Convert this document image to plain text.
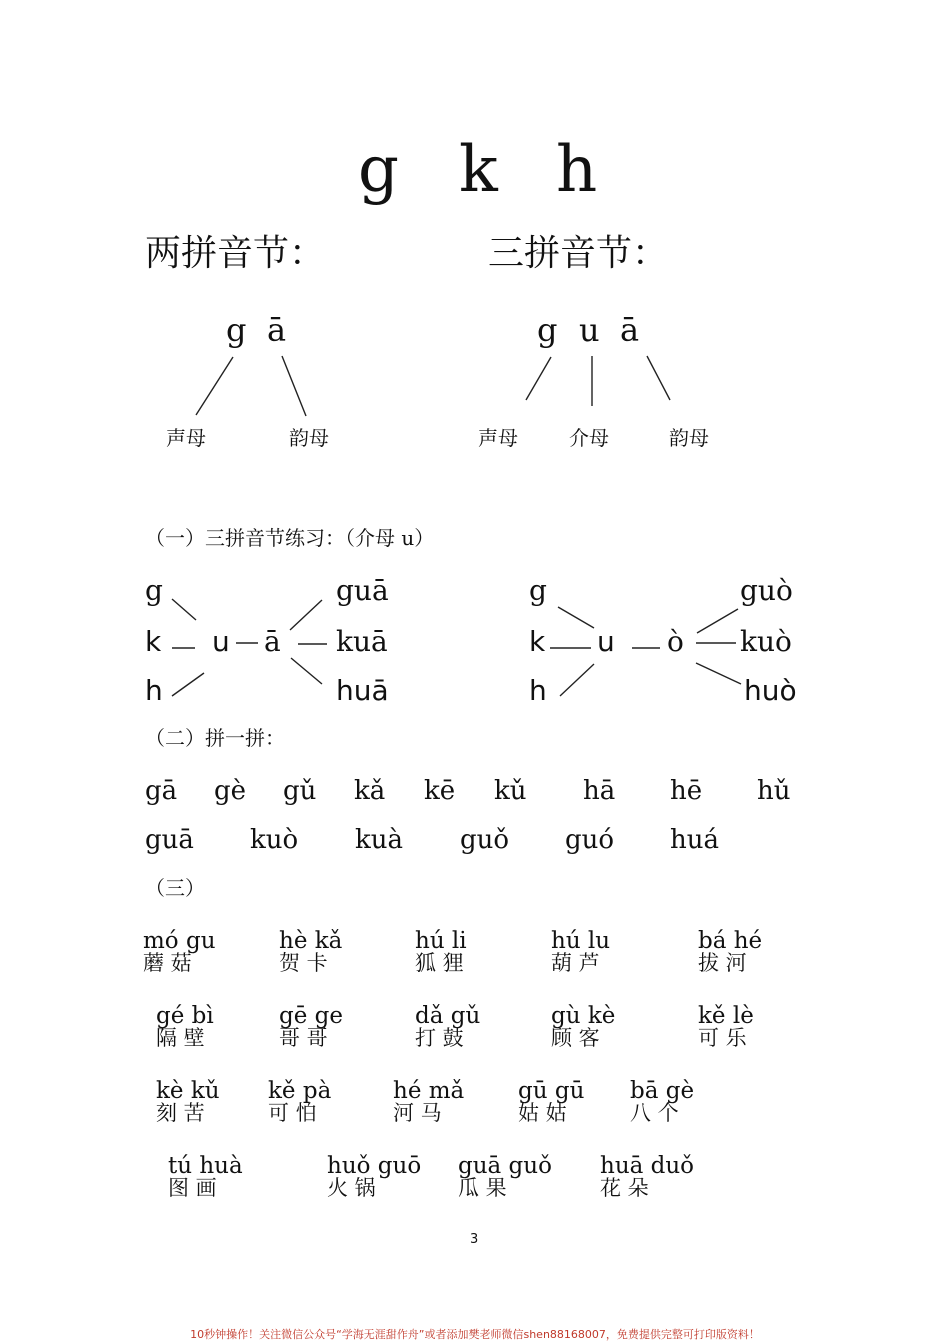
g k h
两拼音节：	三拼音节：
g ā
声母	韵母
g u ā
声母	介母	韵母
（一）三拼音节练习：（介母 u）
g
k
h
u ā
guā
kuā
huā
g
k
h
u ò
guò
kuò
huò
（二）拼一拼：
gā gè gǔ kǎ kē kǔ hā hē hǔ
guā kuò kuà guǒ guó huá
（三）
mó gu
蘑 菇
hè kǎ
贺 卡
hú li
狐 狸
hú lu
葫 芦
bá hé
拔 河
gé bì
隔 壁
gē ge
哥 哥
dǎ gǔ
打 鼓
gù kè
顾 客
kě lè
可 乐
kè kǔ
刻 苦
kě pà
可 怕
hé mǎ
河 马
gū gū
姑 姑
bā gè
八 个
tú huà
图 画
huǒ guō
火 锅
guā guǒ
瓜 果
huā duǒ
花 朵
3
10秒钟操作！关注微信公众号“学海无涯甜作舟”或者添加樊老师微信shen88168007，免费提供完整可打印版资料！
